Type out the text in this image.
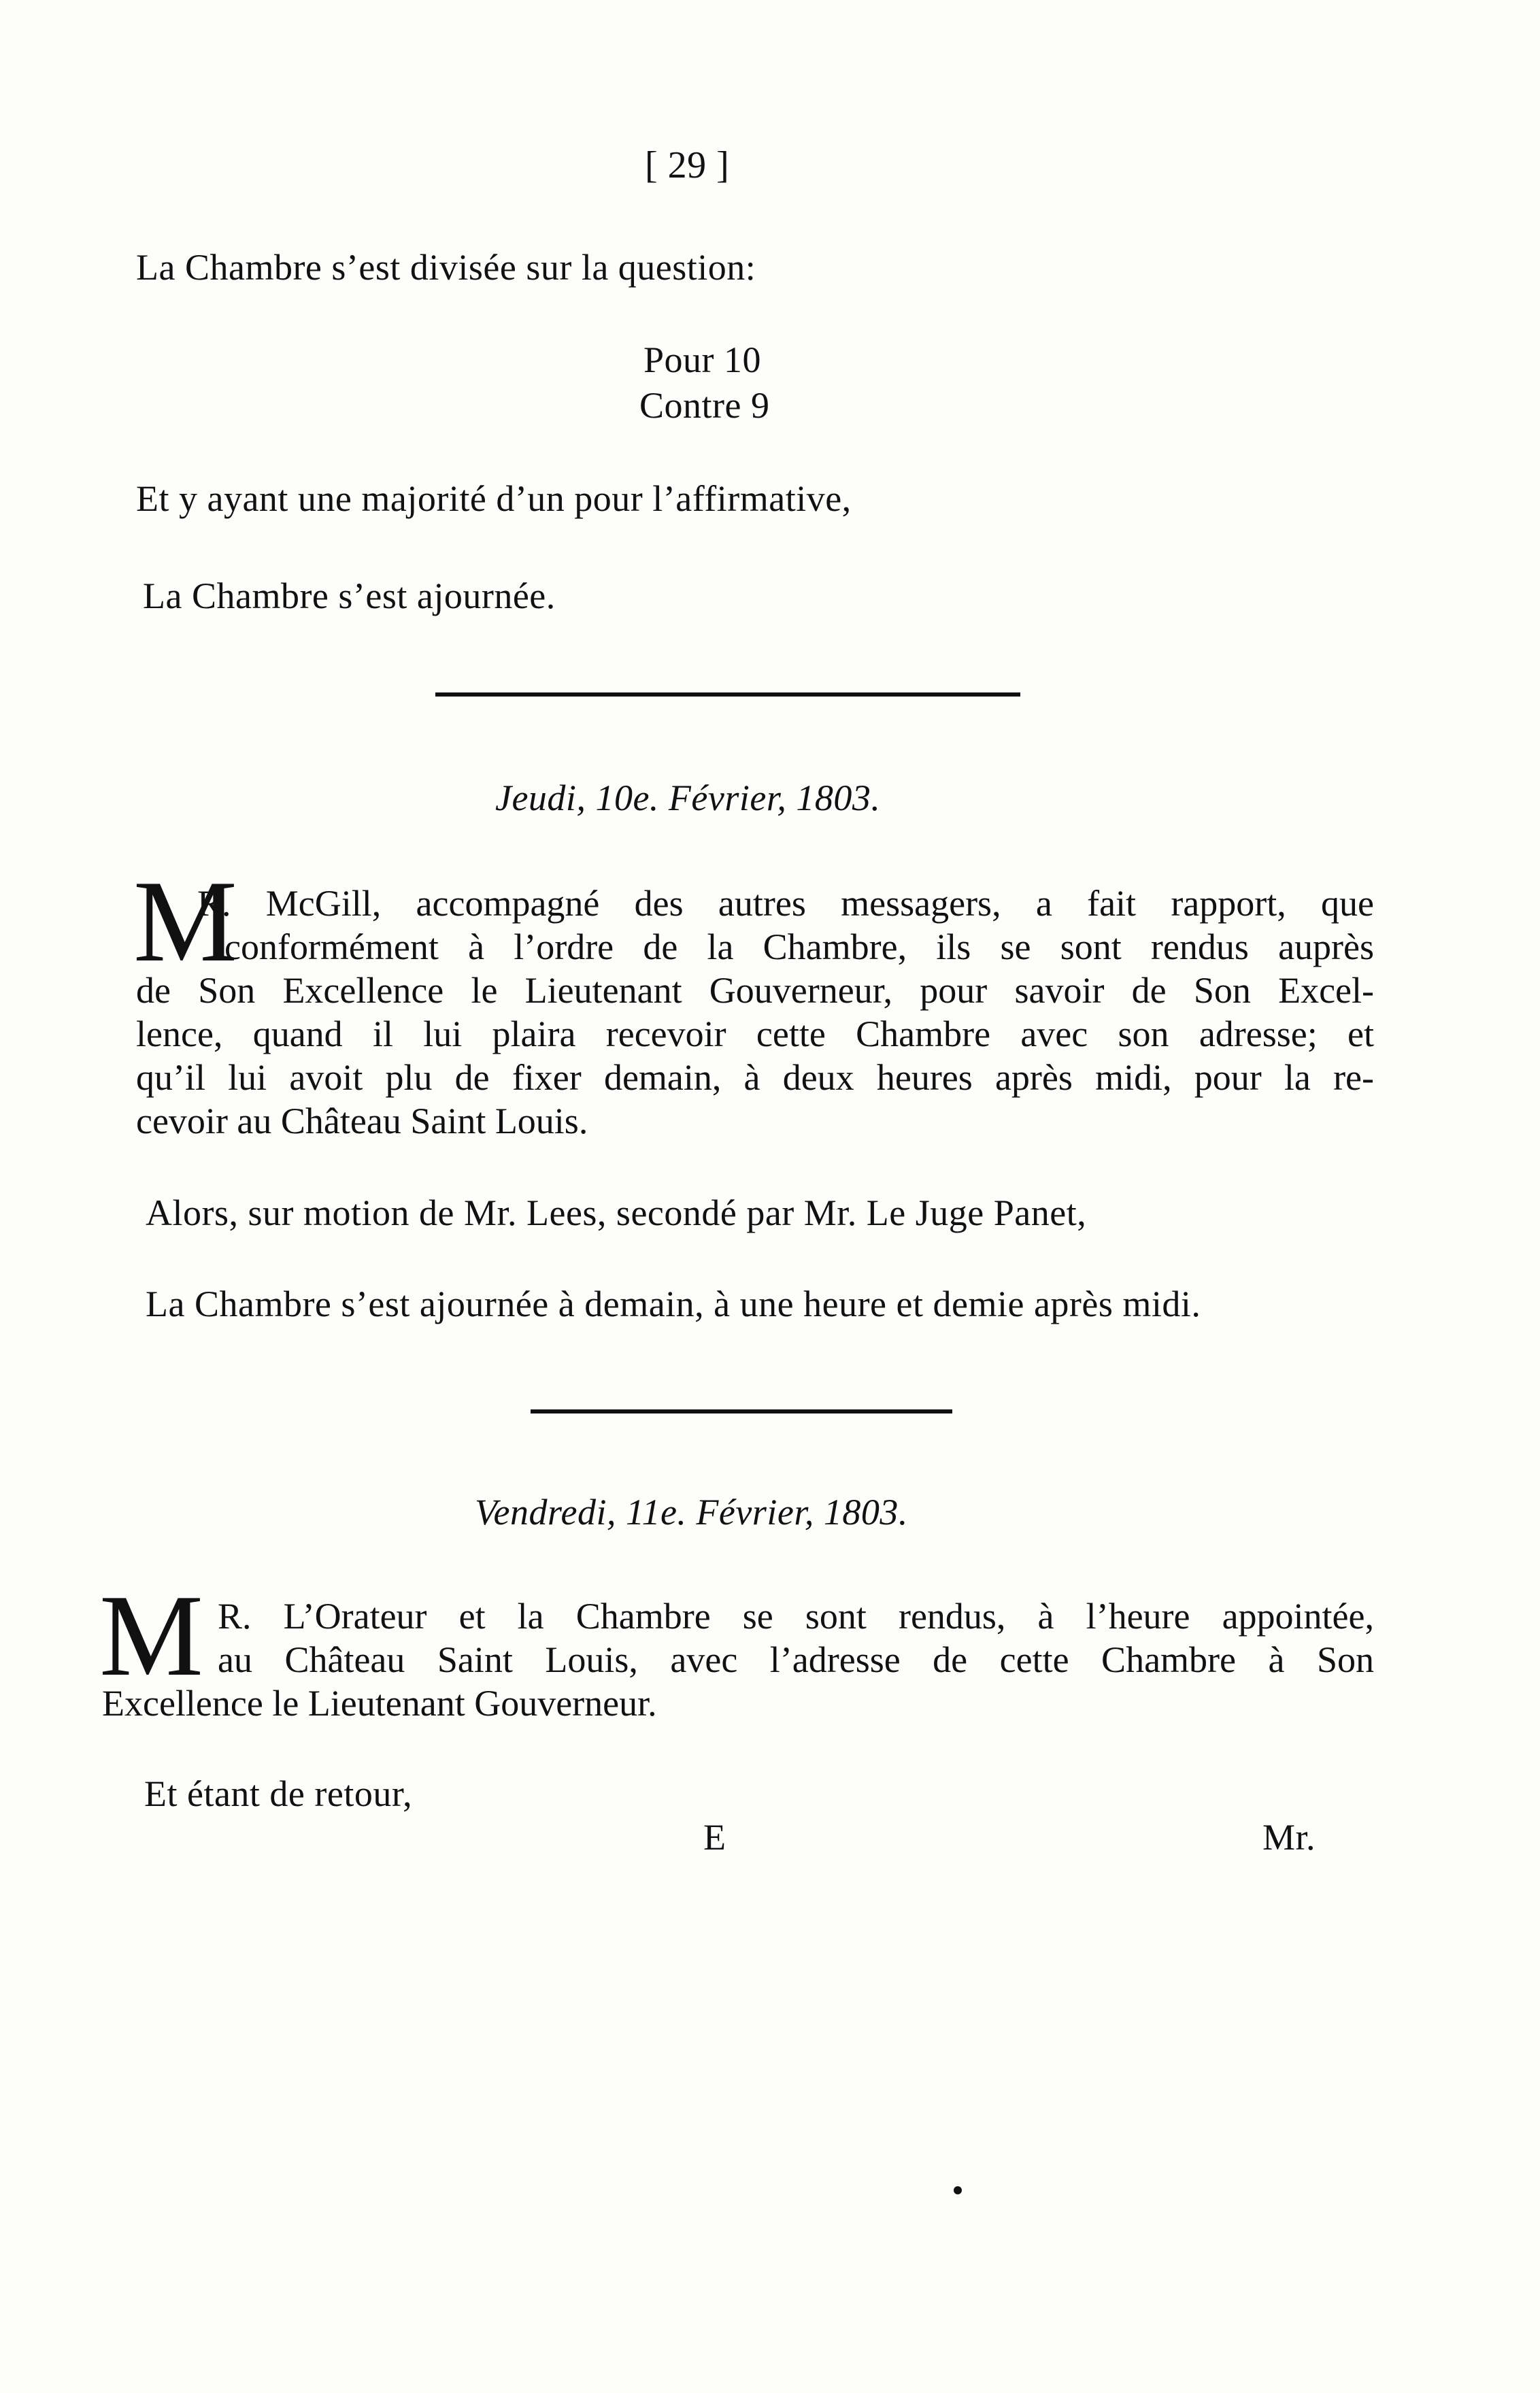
[ 29 ]
La Chambre s’est divisée sur la question:
Pour 10
Contre 9
Et y ayant une majorité d’un pour l’affirmative,
La Chambre s’est ajournée.
Jeudi, 10e. Février, 1803.
M
R. McGill, accompagné des autres messagers, a fait rapport, que
conformément à l’ordre de la Chambre, ils se sont rendus auprès
de Son Excellence le Lieutenant Gouverneur, pour savoir de Son Excel-
lence, quand il lui plaira recevoir cette Chambre avec son adresse; et
qu’il lui avoit plu de fixer demain, à deux heures après midi, pour la re-
cevoir au Château Saint Louis.
Alors, sur motion de Mr. Lees, secondé par Mr. Le Juge Panet,
La Chambre s’est ajournée à demain, à une heure et demie après midi.
Vendredi, 11e. Février, 1803.
M R. L’Orateur et la Chambre se sont rendus, à l’heure appointée,
au Château Saint Louis, avec l’adresse de cette Chambre à Son
Excellence le Lieutenant Gouverneur.
Et étant de retour,
E	Mr.
